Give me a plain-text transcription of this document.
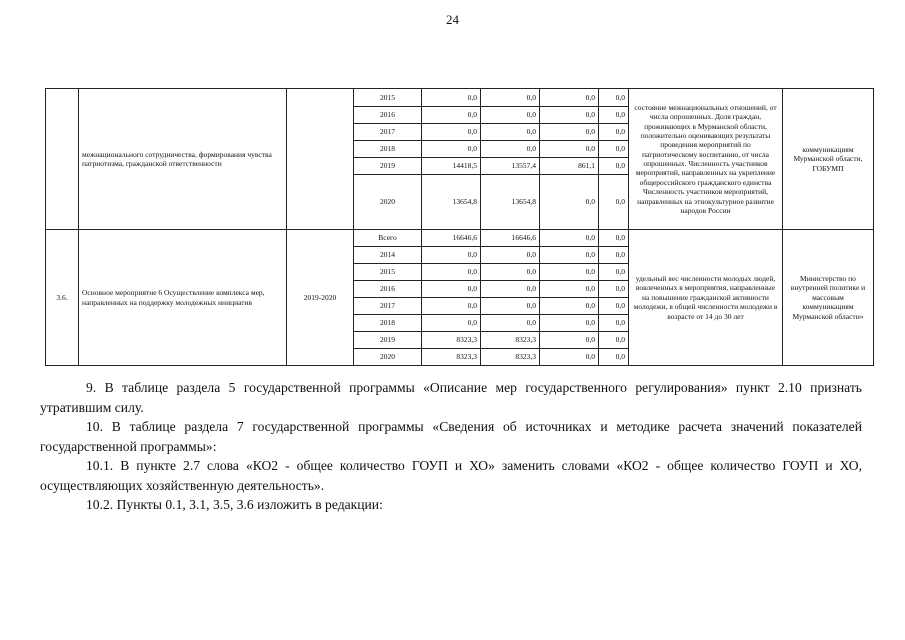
24
	межнационального сотрудничества, формирования чувства патриотизма, гражданской ответственности		2015	0,0	0,0	0,0	0,0	состояние межнациональных отношений, от числа опрошенных. Доля граждан, проживающих в Мурманской области, положительно оценивающих результаты проведения мероприятий по патриотическому воспитанию, от числа опрошенных. Численность участников мероприятий, направленных на укрепление общероссийского гражданского единства Численность участников мероприятий, направленных на этнокультурное развитие народов России	коммуникациям Мурманской области, ГОБУМП
			2016	0,0	0,0	0,0	0,0		
			2017	0,0	0,0	0,0	0,0		
			2018	0,0	0,0	0,0	0,0		
			2019	14418,5	13557,4	861,1	0,0		
			2020	13654,8	13654,8	0,0	0,0		
3.6.	Основное мероприятие 6 Осуществление комплекса мер, направленных на поддержку молодежных инициатив	2019-2020	Всего	16646,6	16646,6	0,0	0,0	удельный вес численности молодых людей, вовлеченных в мероприятия, направленные на повышение гражданской активности молодежи, в общей численности молодежи в возрасте от 14 до 30 лет	Министерство по внутренней политике и массовым коммуникациям Мурманской области»
			2014	0,0	0,0	0,0	0,0		
			2015	0,0	0,0	0,0	0,0		
			2016	0,0	0,0	0,0	0,0		
			2017	0,0	0,0	0,0	0,0		
			2018	0,0	0,0	0,0	0,0		
			2019	8323,3	8323,3	0,0	0,0		
			2020	8323,3	8323,3	0,0	0,0		

9. В таблице раздела 5 государственной программы «Описание мер государственного регулирования» пункт 2.10 признать утратившим силу.

10. В таблице раздела 7 государственной программы «Сведения об источниках и методике расчета значений показателей государственной программы»:

10.1. В пункте 2.7 слова «КО2 - общее количество ГОУП и ХО» заменить словами «КО2 - общее количество ГОУП и ХО, осуществляющих хозяйственную деятельность».

10.2. Пункты 0.1, 3.1, 3.5, 3.6 изложить в редакции:
